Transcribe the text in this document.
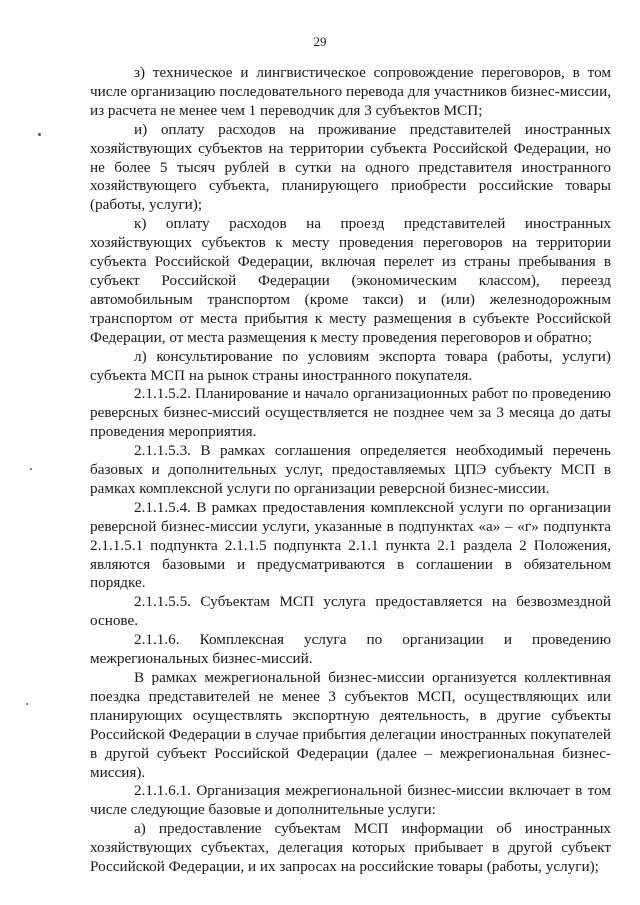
29

з) техническое и лингвистическое сопровождение переговоров, в том числе организацию последовательного перевода для участников бизнес-миссии, из расчета не менее чем 1 переводчик для 3 субъектов МСП;

и) оплату расходов на проживание представителей иностранных хозяйствующих субъектов на территории субъекта Российской Федерации, но не более 5 тысяч рублей в сутки на одного представителя иностранного хозяйствующего субъекта, планирующего приобрести российские товары (работы, услуги);

к) оплату расходов на проезд представителей иностранных хозяйствующих субъектов к месту проведения переговоров на территории субъекта Российской Федерации, включая перелет из страны пребывания в субъект Российской Федерации (экономическим классом), переезд автомобильным транспортом (кроме такси) и (или) железнодорожным транспортом от места прибытия к месту размещения в субъекте Российской Федерации, от места размещения к месту проведения переговоров и обратно;

л) консультирование по условиям экспорта товара (работы, услуги) субъекта МСП на рынок страны иностранного покупателя.

2.1.1.5.2. Планирование и начало организационных работ по проведению реверсных бизнес-миссий осуществляется не позднее чем за 3 месяца до даты проведения мероприятия.

2.1.1.5.3. В рамках соглашения определяется необходимый перечень базовых и дополнительных услуг, предоставляемых ЦПЭ субъекту МСП в рамках комплексной услуги по организации реверсной бизнес-миссии.

2.1.1.5.4. В рамках предоставления комплексной услуги по организации реверсной бизнес-миссии услуги, указанные в подпунктах «а» – «г» подпункта 2.1.1.5.1 подпункта 2.1.1.5 подпункта 2.1.1 пункта 2.1 раздела 2 Положения, являются базовыми и предусматриваются в соглашении в обязательном порядке.

2.1.1.5.5. Субъектам МСП услуга предоставляется на безвозмездной основе.

2.1.1.6. Комплексная услуга по организации и проведению межрегиональных бизнес-миссий.

В рамках межрегиональной бизнес-миссии организуется коллективная поездка представителей не менее 3 субъектов МСП, осуществляющих или планирующих осуществлять экспортную деятельность, в другие субъекты Российской Федерации в случае прибытия делегации иностранных покупателей в другой субъект Российской Федерации (далее – межрегиональная бизнес-миссия).

2.1.1.6.1. Организация межрегиональной бизнес-миссии включает в том числе следующие базовые и дополнительные услуги:

а) предоставление субъектам МСП информации об иностранных хозяйствующих субъектах, делегация которых прибывает в другой субъект Российской Федерации, и их запросах на российские товары (работы, услуги);
